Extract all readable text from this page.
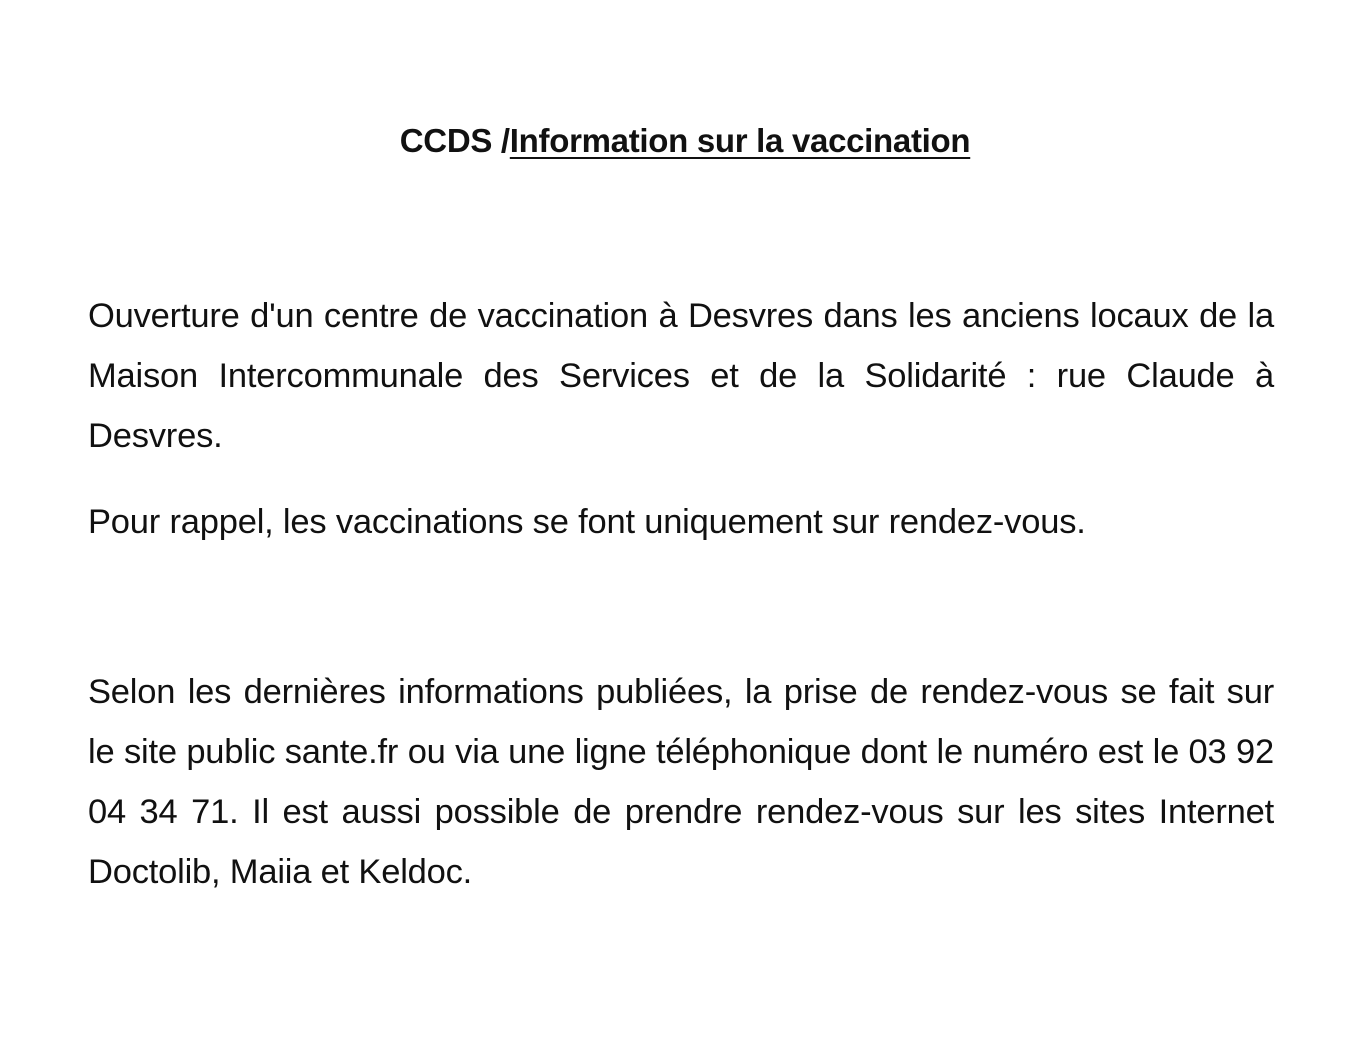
CCDS /Information sur la vaccination

Ouverture d'un centre de vaccination à Desvres dans les anciens locaux de la Maison Intercommunale des Services et de la Solidarité : rue Claude à Desvres.

Pour rappel, les vaccinations se font uniquement sur rendez-vous.

Selon les dernières informations publiées, la prise de rendez-vous se fait sur le site public sante.fr ou via une ligne téléphonique dont le numéro est le 03 92 04 34 71. Il est aussi possible de prendre rendez-vous sur les sites Internet Doctolib, Maiia et Keldoc.
